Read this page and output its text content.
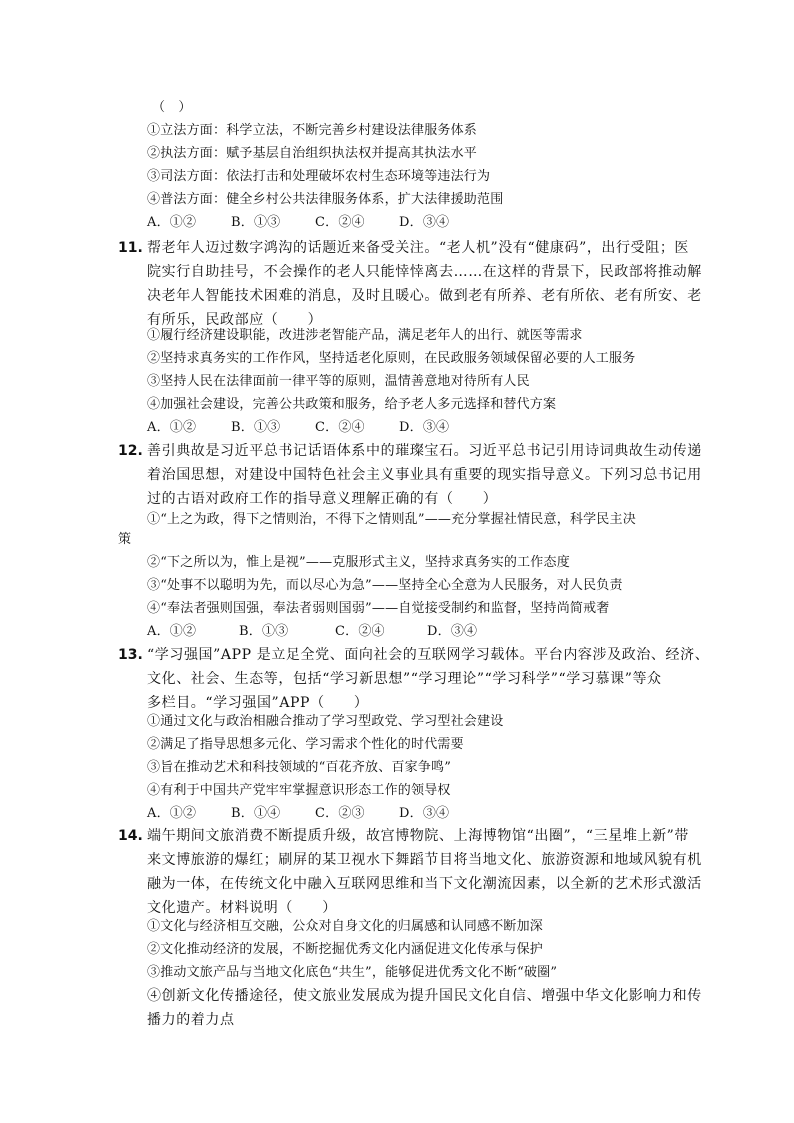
（　）
①立法方面：科学立法，不断完善乡村建设法律服务体系
②执法方面：赋予基层自治组织执法权并提高其执法水平
③司法方面：依法打击和处理破坏农村生态环境等违法行为
④普法方面：健全乡村公共法律服务体系，扩大法律援助范围
A．①②	B．①③	C．②④	D．③④
11. 帮老年人迈过数字鸿沟的话题近来备受关注。“老人机”没有“健康码”，出行受阻；医
院实行自助挂号，不会操作的老人只能悻悻离去……在这样的背景下，民政部将推动解
决老年人智能技术困难的消息，及时且暖心。做到老有所养、老有所依、老有所安、老
有所乐，民政部应（　　）
①履行经济建设职能，改进涉老智能产品，满足老年人的出行、就医等需求
②坚持求真务实的工作作风，坚持适老化原则，在民政服务领域保留必要的人工服务
③坚持人民在法律面前一律平等的原则，温情善意地对待所有人民
④加强社会建设，完善公共政策和服务，给予老人多元选择和替代方案
A．①②	B．①③	C．②④	D．③④
12. 善引典故是习近平总书记话语体系中的璀璨宝石。习近平总书记引用诗词典故生动传递
着治国思想，对建设中国特色社会主义事业具有重要的现实指导意义。下列习总书记用
过的古语对政府工作的指导意义理解正确的有（　　）
①“上之为政，得下之情则治，不得下之情则乱”——充分掌握社情民意，科学民主决
策
②“下之所以为，惟上是视”——克服形式主义，坚持求真务实的工作态度
③“处事不以聪明为先，而以尽心为急”——坚持全心全意为人民服务，对人民负责
④“奉法者强则国强，奉法者弱则国弱”——自觉接受制约和监督，坚持尚简戒奢
A．①②	B．①③	C．②④	D．③④
13. “学习强国”APP 是立足全党、面向社会的互联网学习载体。平台内容涉及政治、经济、
文化、社会、生态等，包括“学习新思想”“学习理论”“学习科学”“学习慕课”等众
多栏目。“学习强国”APP（　　）
①通过文化与政治相融合推动了学习型政党、学习型社会建设
②满足了指导思想多元化、学习需求个性化的时代需要
③旨在推动艺术和科技领域的“百花齐放、百家争鸣”
④有利于中国共产党牢牢掌握意识形态工作的领导权
A．①②	B．①④	C．②③	D．③④
14. 端午期间文旅消费不断提质升级，故宫博物院、上海博物馆“出圈”，“三星堆上新”带
来文博旅游的爆红；刷屏的某卫视水下舞蹈节目将当地文化、旅游资源和地域风貌有机
融为一体，在传统文化中融入互联网思维和当下文化潮流因素，以全新的艺术形式激活
文化遗产。材料说明（　　）
①文化与经济相互交融，公众对自身文化的归属感和认同感不断加深
②文化推动经济的发展，不断挖掘优秀文化内涵促进文化传承与保护
③推动文旅产品与当地文化底色“共生”，能够促进优秀文化不断“破圈”
④创新文化传播途径，使文旅业发展成为提升国民文化自信、增强中华文化影响力和传
播力的着力点
